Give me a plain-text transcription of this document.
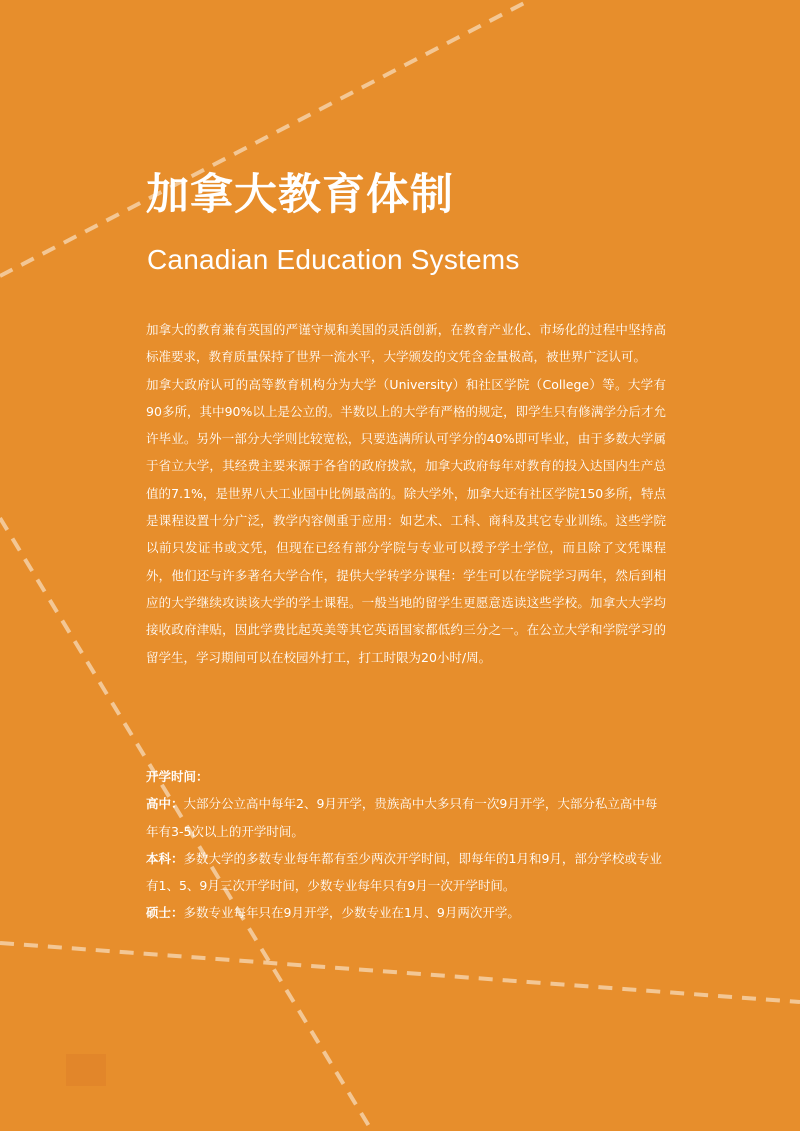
加拿大教育体制
Canadian Education Systems

加拿大的教育兼有英国的严谨守规和美国的灵活创新，在教育产业化、市场化的过程中坚持高标准要求，教育质量保持了世界一流水平，大学颁发的文凭含金量极高，被世界广泛认可。

加拿大政府认可的高等教育机构分为大学（University）和社区学院（College）等。大学有90多所，其中90%以上是公立的。半数以上的大学有严格的规定，即学生只有修满学分后才允许毕业。另外一部分大学则比较宽松，只要选满所认可学分的40%即可毕业，由于多数大学属于省立大学，其经费主要来源于各省的政府拨款，加拿大政府每年对教育的投入达国内生产总值的7.1%，是世界八大工业国中比例最高的。除大学外，加拿大还有社区学院150多所，特点是课程设置十分广泛，教学内容侧重于应用：如艺术、工科、商科及其它专业训练。这些学院以前只发证书或文凭，但现在已经有部分学院与专业可以授予学士学位，而且除了文凭课程外，他们还与许多著名大学合作，提供大学转学分课程：学生可以在学院学习两年，然后到相应的大学继续攻读该大学的学士课程。一般当地的留学生更愿意选读这些学校。加拿大大学均接收政府津贴，因此学费比起英美等其它英语国家都低约三分之一。在公立大学和学院学习的留学生，学习期间可以在校园外打工，打工时限为20小时/周。

开学时间：

高中：大部分公立高中每年2、9月开学，贵族高中大多只有一次9月开学，大部分私立高中每年有3-5次以上的开学时间。

本科：多数大学的多数专业每年都有至少两次开学时间，即每年的1月和9月，部分学校或专业有1、5、9月三次开学时间，少数专业每年只有9月一次开学时间。

硕士：多数专业每年只在9月开学，少数专业在1月、9月两次开学。
